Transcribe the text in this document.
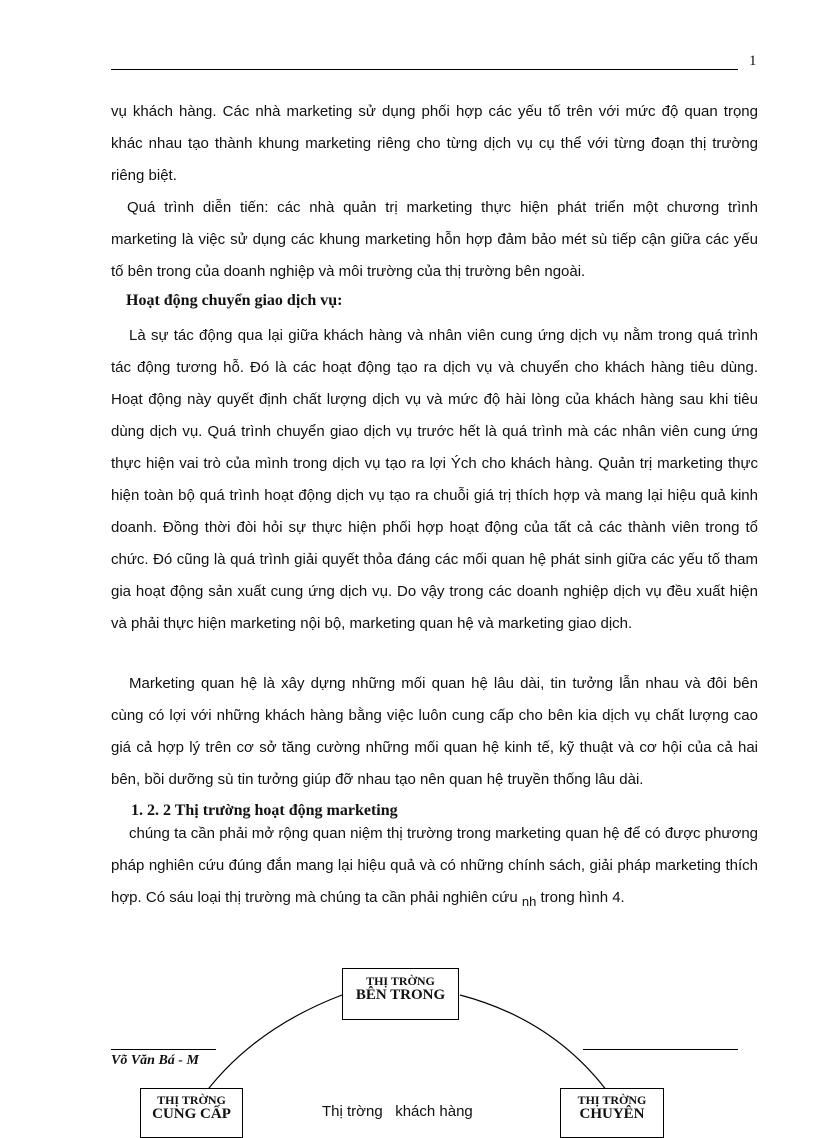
1

vụ khách hàng. Các nhà marketing sử dụng phối hợp các yếu tố trên với mức độ quan trọng khác nhau tạo thành khung marketing riêng cho từng dịch vụ cụ thể với từng đoạn thị trường riêng biệt.

Quá trình diễn tiến: các nhà quản trị marketing thực hiện phát triển một chương trình marketing là việc sử dụng các khung marketing hỗn hợp đảm bảo mét sù tiếp cận giữa các yếu tố bên trong của doanh nghiệp và môi trường của thị trường bên ngoài.

Hoạt động chuyển giao dịch vụ:

Là sự tác động qua lại giữa khách hàng và nhân viên cung ứng dịch vụ nằm trong quá trình tác động tương hỗ. Đó là các hoạt động tạo ra dịch vụ và chuyển cho khách hàng tiêu dùng. Hoạt động này quyết định chất lượng dịch vụ và mức độ hài lòng của khách hàng sau khi tiêu dùng dịch vụ. Quá trình chuyển giao dịch vụ trước hết là quá trình mà các nhân viên cung ứng thực hiện vai trò của mình trong dịch vụ tạo ra lợi Ých cho khách hàng. Quản trị marketing thực hiện toàn bộ quá trình hoạt động dịch vụ tạo ra chuỗi giá trị thích hợp và mang lại hiệu quả kinh doanh. Đồng thời đòi hỏi sự thực hiện phối hợp hoạt động của tất cả các thành viên trong tổ chức. Đó cũng là quá trình giải quyết thỏa đáng các mối quan hệ phát sinh giữa các yếu tố tham gia hoạt động sản xuất cung ứng dịch vụ. Do vậy trong các doanh nghiệp dịch vụ đều xuất hiện và phải thực hiện marketing nội bộ, marketing quan hệ và marketing giao dịch.

Marketing quan hệ là xây dựng những mối quan hệ lâu dài, tin tưởng lẫn nhau và đôi bên cùng có lợi với những khách hàng bằng việc luôn cung cấp cho bên kia dịch vụ chất lượng cao giá cả hợp lý trên cơ sở tăng cường những mối quan hệ kinh tế, kỹ thuật và cơ hội của cả hai bên, bồi dưỡng sù tin tưởng giúp đỡ nhau tạo nên quan hệ truyền thống lâu dài.

1. 2. 2 Thị trường hoạt động marketing

chúng ta cần phải mở rộng quan niệm thị trường trong marketing quan hệ để có được phương pháp nghiên cứu đúng đắn mang lại hiệu quả và có những chính sách, giải pháp marketing thích hợp. Có sáu loại thị trường mà chúng ta cần phải nghiên cứu $_{nh}$ trong hình 4.

THỊ TRỜNG
BÊN TRONG
THỊ TRỜNG
CUNG CẤP
THỊ TRỜNG
CHUYÊN
Thị trờng   khách hàng
Võ Văn Bá - M
